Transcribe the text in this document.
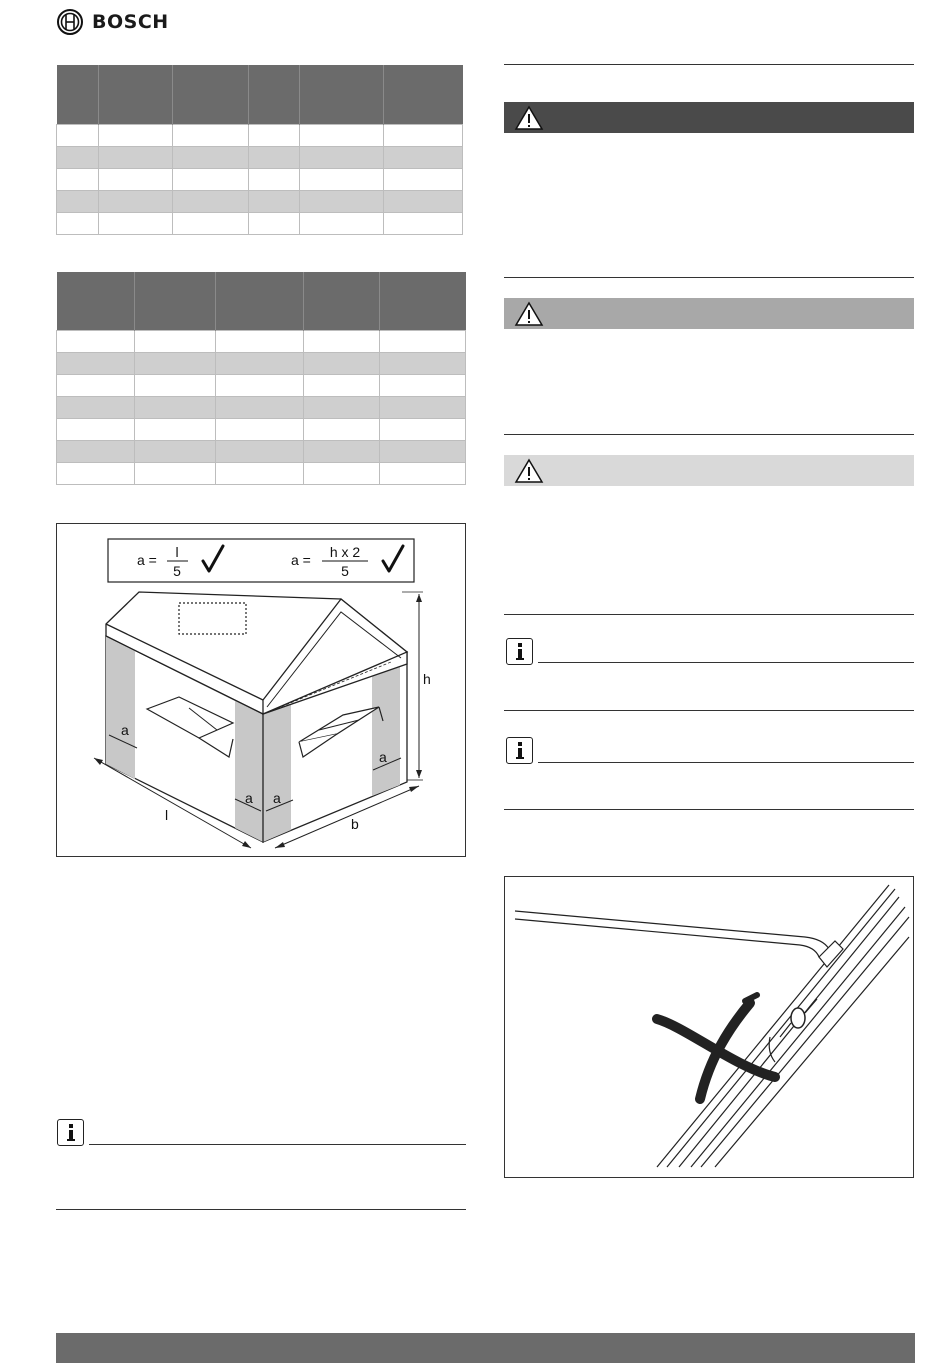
BOSCH

a = l
5
a = h x 2
5
l
b
h
a
a a
a
